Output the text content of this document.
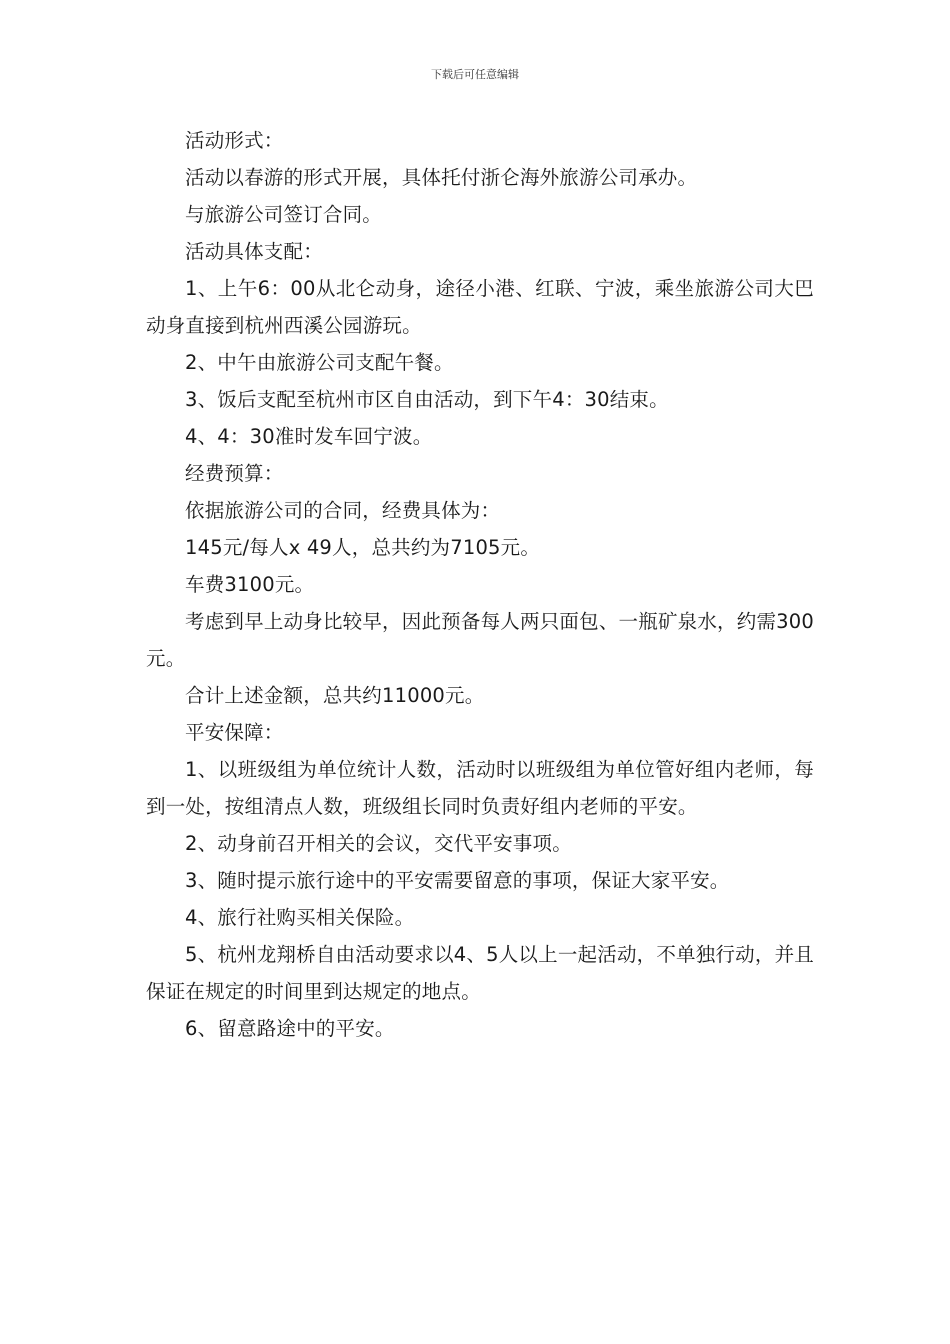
下载后可任意编辑

活动形式：

活动以春游的形式开展，具体托付浙仑海外旅游公司承办。

与旅游公司签订合同。

活动具体支配：

1、上午6：00从北仑动身，途径小港、红联、宁波，乘坐旅游公司大巴动身直接到杭州西溪公园游玩。

2、中午由旅游公司支配午餐。

3、饭后支配至杭州市区自由活动，到下午4：30结束。

4、4：30准时发车回宁波。

经费预算：

依据旅游公司的合同，经费具体为：

145元/每人x 49人，总共约为7105元。

车费3100元。

考虑到早上动身比较早，因此预备每人两只面包、一瓶矿泉水，约需300元。

合计上述金额，总共约11000元。

平安保障：

1、以班级组为单位统计人数，活动时以班级组为单位管好组内老师，每到一处，按组清点人数，班级组长同时负责好组内老师的平安。

2、动身前召开相关的会议，交代平安事项。

3、随时提示旅行途中的平安需要留意的事项，保证大家平安。

4、旅行社购买相关保险。

5、杭州龙翔桥自由活动要求以4、5人以上一起活动，不单独行动，并且保证在规定的时间里到达规定的地点。

6、留意路途中的平安。
